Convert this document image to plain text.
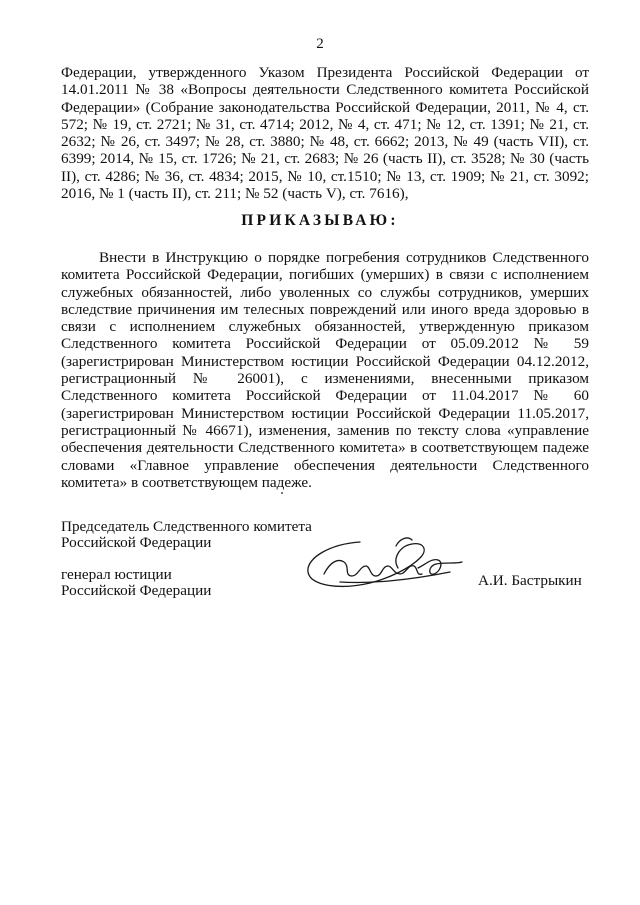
2
Федерации, утвержденного Указом Президента Российской Федерации от 14.01.2011 № 38 «Вопросы деятельности Следственного комитета Российской Федерации» (Собрание законодательства Российской Федерации, 2011, № 4, ст. 572; № 19, ст. 2721; № 31, ст. 4714; 2012, № 4, ст. 471; № 12, ст. 1391; № 21, ст. 2632; № 26, ст. 3497; № 28, ст. 3880; № 48, ст. 6662; 2013, № 49 (часть VII), ст. 6399; 2014, № 15, ст. 1726; № 21, ст. 2683; № 26 (часть II), ст. 3528; № 30 (часть II), ст. 4286; № 36, ст. 4834; 2015, № 10, ст.1510; № 13, ст. 1909; № 21, ст. 3092; 2016, № 1 (часть II), ст. 211; № 52 (часть V), ст. 7616),
ПРИКАЗЫВАЮ:
Внести в Инструкцию о порядке погребения сотрудников Следственного комитета Российской Федерации, погибших (умерших) в связи с исполнением служебных обязанностей, либо уволенных со службы сотрудников, умерших вследствие причинения им телесных повреждений или иного вреда здоровью в связи с исполнением служебных обязанностей, утвержденную приказом Следственного комитета Российской Федерации от 05.09.2012 № 59 (зарегистрирован Министерством юстиции Российской Федерации 04.12.2012, регистрационный № 26001), с изменениями, внесенными приказом Следственного комитета Российской Федерации от 11.04.2017 № 60 (зарегистрирован Министерством юстиции Российской Федерации 11.05.2017, регистрационный № 46671), изменения, заменив по тексту слова «управление обеспечения деятельности Следственного комитета» в соответствующем падеже словами «Главное управление обеспечения деятельности Следственного комитета» в соответствующем падеже.
Председатель Следственного комитета
Российской Федерации
генерал юстиции
Российской Федерации
А.И. Бастрыкин
